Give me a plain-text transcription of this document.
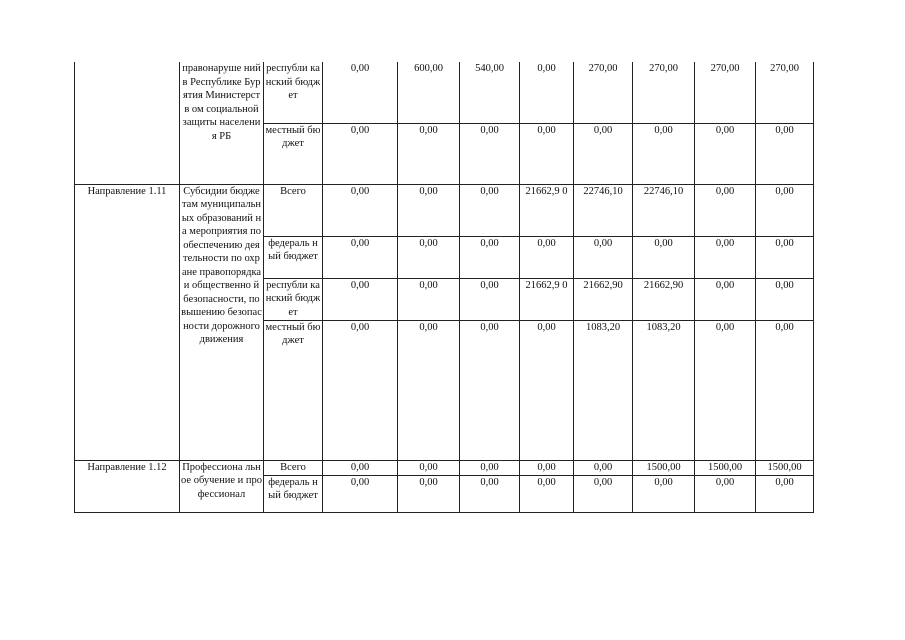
	правонаруше ний в Республике Бурятия Министерств ом социальной защиты населения РБ	республи канский бюджет	0,00	600,00	540,00	0,00	270,00	270,00	270,00	270,00
		местный бюджет	0,00	0,00	0,00	0,00	0,00	0,00	0,00	0,00
Направление 1.11	Субсидии бюджетам муниципальн ых образований на мероприятия по обеспечению деятельности по охране правопорядка и общественно й безопасности, повышению безопасности дорожного движения	Всего	0,00	0,00	0,00	21662,9 0	22746,10	22746,10	0,00	0,00
		федераль ный бюджет	0,00	0,00	0,00	0,00	0,00	0,00	0,00	0,00
		республи канский бюджет	0,00	0,00	0,00	21662,9 0	21662,90	21662,90	0,00	0,00
		местный бюджет	0,00	0,00	0,00	0,00	1083,20	1083,20	0,00	0,00
Направление 1.12	Профессиона льное обучение и профессионал	Всего	0,00	0,00	0,00	0,00	0,00	1500,00	1500,00	1500,00
		федераль ный бюджет	0,00	0,00	0,00	0,00	0,00	0,00	0,00	0,00
